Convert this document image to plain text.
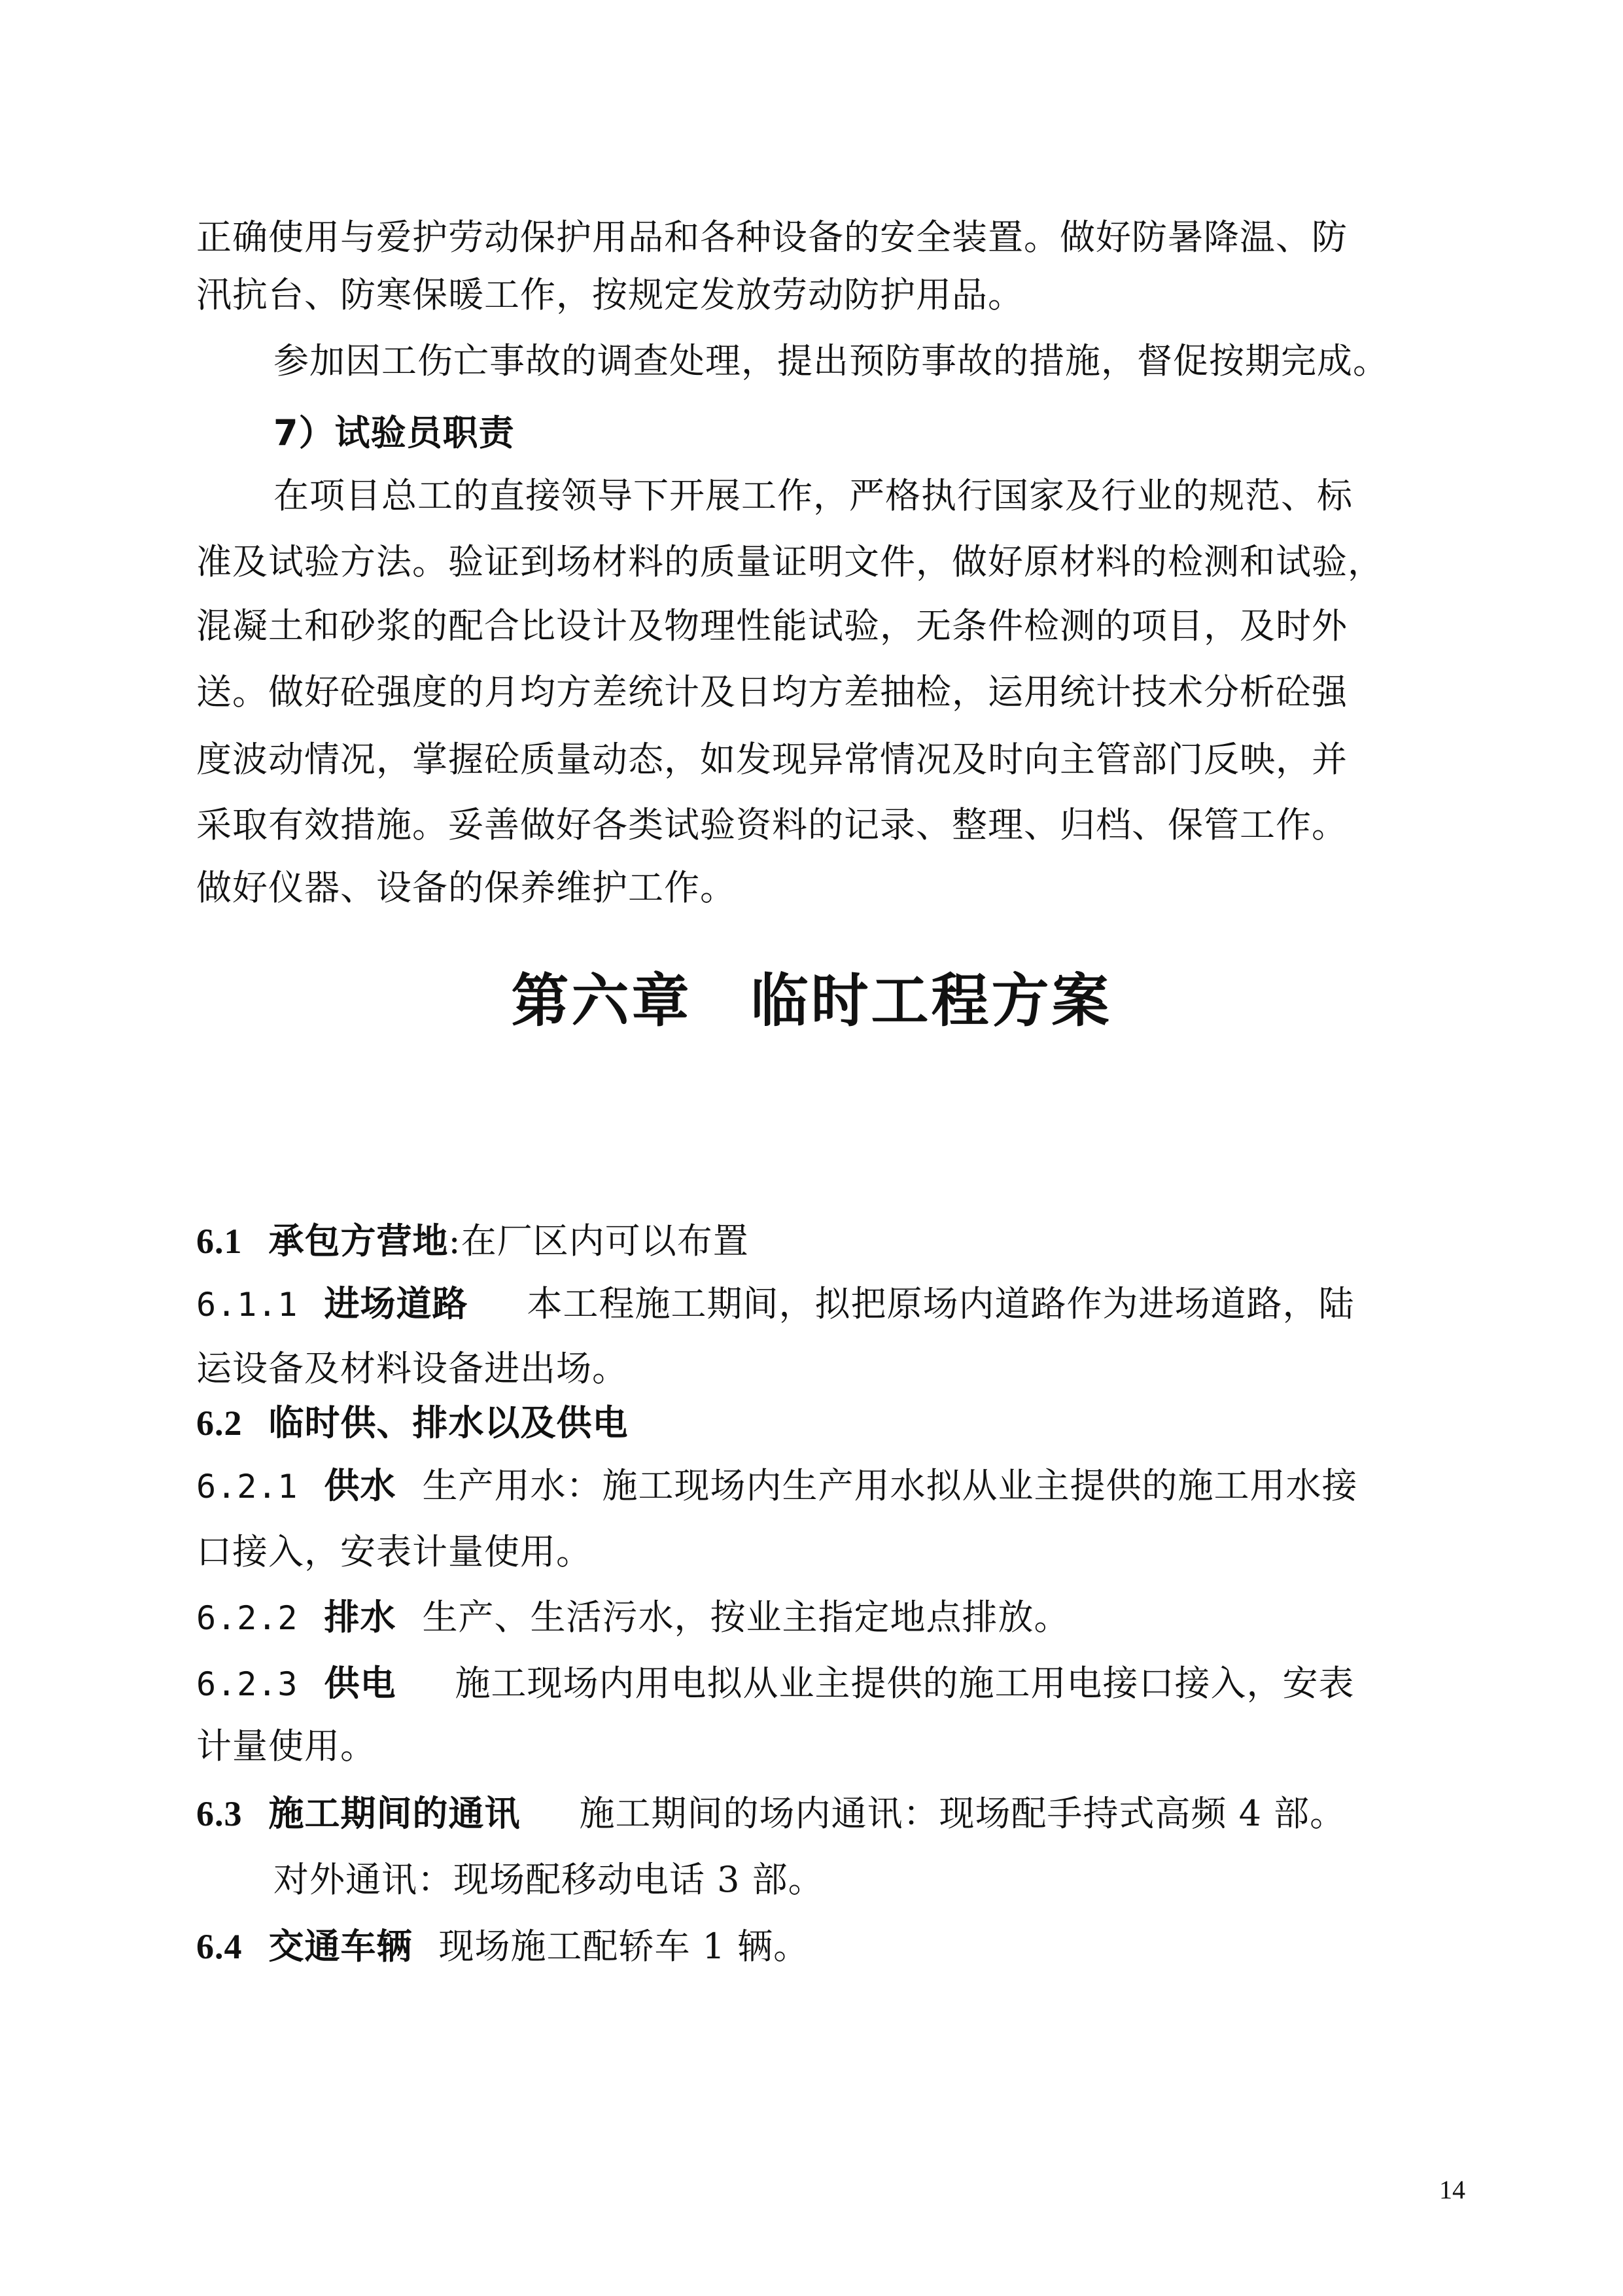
正确使用与爱护劳动保护用品和各种设备的安全装置。做好防暑降温、防
汛抗台、防寒保暖工作，按规定发放劳动防护用品。
参加因工伤亡事故的调查处理，提出预防事故的措施，督促按期完成。
7）试验员职责
在项目总工的直接领导下开展工作，严格执行国家及行业的规范、标
准及试验方法。验证到场材料的质量证明文件，做好原材料的检测和试验，
混凝土和砂浆的配合比设计及物理性能试验，无条件检测的项目，及时外
送。做好砼强度的月均方差统计及日均方差抽检，运用统计技术分析砼强
度波动情况，掌握砼质量动态，如发现异常情况及时向主管部门反映，并
采取有效措施。妥善做好各类试验资料的记录、整理、归档、保管工作。
做好仪器、设备的保养维护工作。
第六章 临时工程方案
6.1 承包方营地:在厂区内可以布置
6.1.1 进场道路 本工程施工期间，拟把原场内道路作为进场道路，陆
运设备及材料设备进出场。
6.2 临时供、排水以及供电
6.2.1 供水 生产用水：施工现场内生产用水拟从业主提供的施工用水接
口接入，安表计量使用。
6.2.2 排水 生产、生活污水，按业主指定地点排放。
6.2.3 供电 施工现场内用电拟从业主提供的施工用电接口接入，安表
计量使用。
6.3 施工期间的通讯 施工期间的场内通讯：现场配手持式高频 4 部。
对外通讯：现场配移动电话 3 部。
6.4 交通车辆 现场施工配轿车 1 辆。
14
